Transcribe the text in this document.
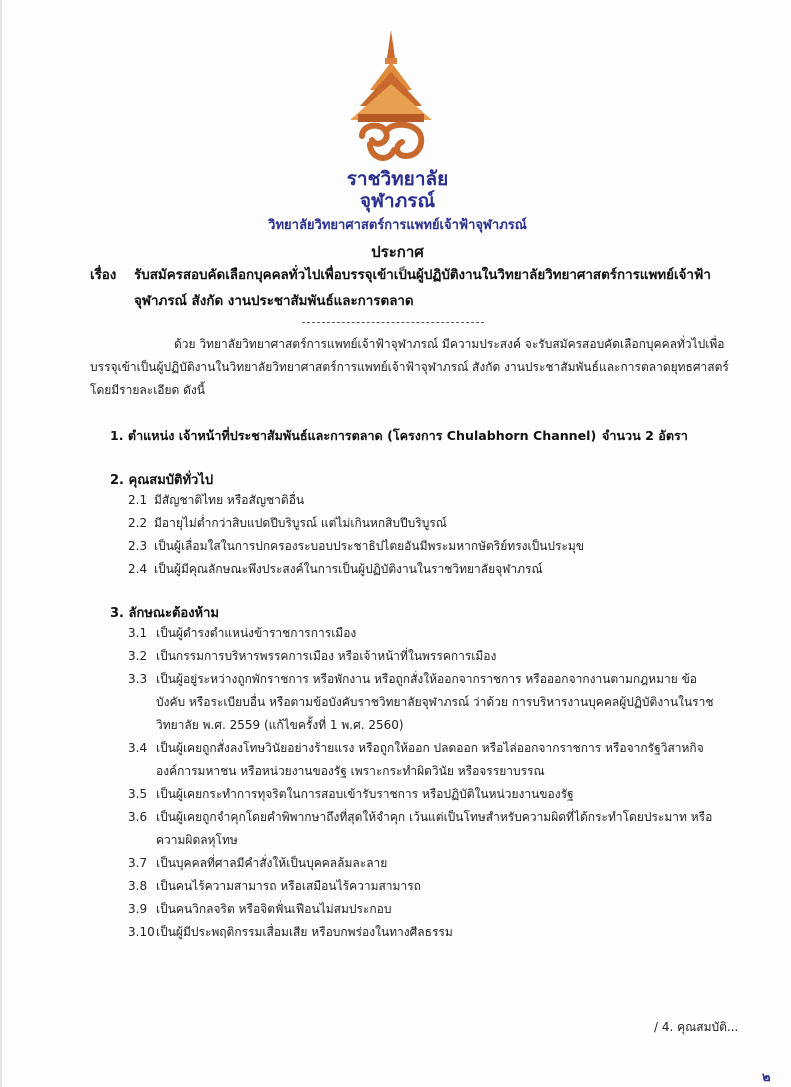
ราชวิทยาลัย
จุฬาภรณ์
วิทยาลัยวิทยาศาสตร์การแพทย์เจ้าฟ้าจุฬาภรณ์
ประกาศ
เรื่อง รับสมัครสอบคัดเลือกบุคคลทั่วไปเพื่อบรรจุเข้าเป็นผู้ปฏิบัติงานในวิทยาลัยวิทยาศาสตร์การแพทย์เจ้าฟ้าจุฬาภรณ์ สังกัด งานประชาสัมพันธ์และการตลาด
ด้วย วิทยาลัยวิทยาศาสตร์การแพทย์เจ้าฟ้าจุฬาภรณ์ มีความประสงค์ จะรับสมัครสอบคัดเลือกบุคคลทั่วไปเพื่อบรรจุเข้าเป็นผู้ปฏิบัติงานในวิทยาลัยวิทยาศาสตร์การแพทย์เจ้าฟ้าจุฬาภรณ์ สังกัด งานประชาสัมพันธ์และการตลาดยุทธศาสตร์ โดยมีรายละเอียด ดังนี้
1. ตำแหน่ง เจ้าหน้าที่ประชาสัมพันธ์และการตลาด (โครงการ Chulabhorn Channel) จำนวน 2 อัตรา
2. คุณสมบัติทั่วไป
2.1 มีสัญชาติไทย หรือสัญชาติอื่น
2.2 มีอายุไม่ต่ำกว่าสิบแปดปีบริบูรณ์ แต่ไม่เกินหกสิบปีบริบูรณ์
2.3 เป็นผู้เลื่อมใสในการปกครองระบอบประชาธิปไตยอันมีพระมหากษัตริย์ทรงเป็นประมุข
2.4 เป็นผู้มีคุณลักษณะพึงประสงค์ในการเป็นผู้ปฏิบัติงานในราชวิทยาลัยจุฬาภรณ์
3. ลักษณะต้องห้าม
3.1 เป็นผู้ดำรงตำแหน่งข้าราชการการเมือง
3.2 เป็นกรรมการบริหารพรรคการเมือง หรือเจ้าหน้าที่ในพรรคการเมือง
3.3 เป็นผู้อยู่ระหว่างถูกพักราชการ หรือพักงาน หรือถูกสั่งให้ออกจากราชการ หรือออกจากงานตามกฎหมาย ข้อบังคับ หรือระเบียบอื่น หรือตามข้อบังคับราชวิทยาลัยจุฬาภรณ์ ว่าด้วย การบริหารงานบุคคลผู้ปฏิบัติงานในราชวิทยาลัย พ.ศ. 2559 (แก้ไขครั้งที่ 1 พ.ศ. 2560)
3.4 เป็นผู้เคยถูกสั่งลงโทษวินัยอย่างร้ายแรง หรือถูกให้ออก ปลดออก หรือไล่ออกจากราชการ หรือจากรัฐวิสาหกิจ องค์การมหาชน หรือหน่วยงานของรัฐ เพราะกระทำผิดวินัย หรือจรรยาบรรณ
3.5 เป็นผู้เคยกระทำการทุจริตในการสอบเข้ารับราชการ หรือปฏิบัติในหน่วยงานของรัฐ
3.6 เป็นผู้เคยถูกจำคุกโดยคำพิพากษาถึงที่สุดให้จำคุก เว้นแต่เป็นโทษสำหรับความผิดที่ได้กระทำโดยประมาท หรือความผิดลหุโทษ
3.7 เป็นบุคคลที่ศาลมีคำสั่งให้เป็นบุคคลล้มละลาย
3.8 เป็นคนไร้ความสามารถ หรือเสมือนไร้ความสามารถ
3.9 เป็นคนวิกลจริต หรือจิตฟั่นเฟือนไม่สมประกอบ
3.10 เป็นผู้มีประพฤติกรรมเสื่อมเสีย หรือบกพร่องในทางศีลธรรม
/ 4. คุณสมบัติ...
๒
